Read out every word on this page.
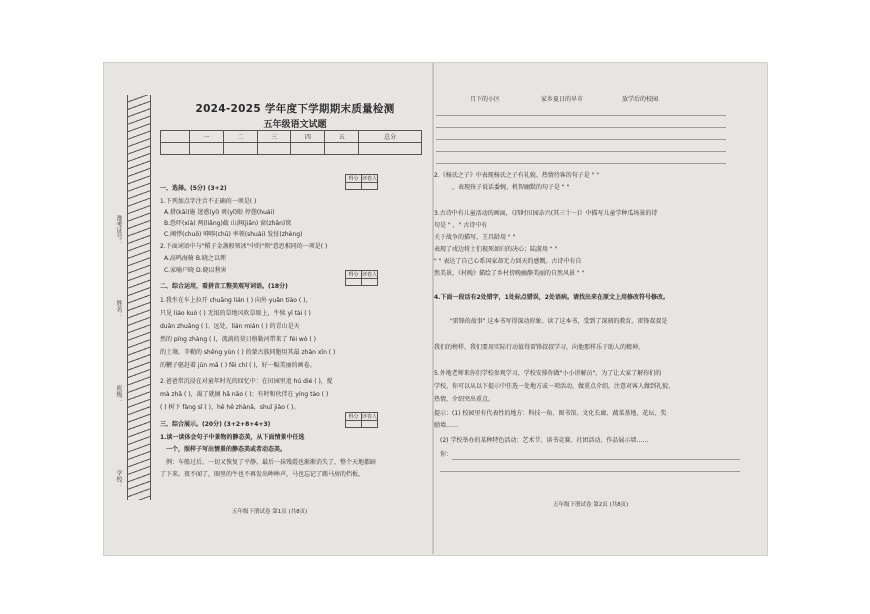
准考证号：
姓名：
班级：
学校：
2024-2025 学年度下学期期末质量检测
五年级语文试题
	一	二	三	四	五	总分

得分	评卷人

得分	评卷人

得分	评卷人

一、选择。(5分) (3+2)
1.下列加点字注音不正确的一项是( )
A.措(kāi)施 迷惑(yí) 爽(yī)眼 停憩(huái)
B.恐吓(xià) 两(liǎng)截 山涧(jiān) 窗(zhān)窝
C.阐悸(chuō) 呻嚀(chū) 率领(shuài) 发怔(zhèng)
2.下面词语中与"稻子金盏般领冰"中的"领"意思相同的一项是( )
A.高鸣海骑 B.晓之以理
C.家喻户晓 D.晓以利害
二、综合运用，看拼音工整美观写词语。(18分)
1.我坐在车上拉开 chuāng lián ( ) 向外 yuǎn tiào ( )，
只见 liáo kuò ( ) 无垠的草地风吹草原上，牛犊 yī tài ( )
duān zhuāng ( )。远处，lián mián ( ) 的青山是天
然的 píng zhàng ( )，流淌的莫日格勒河带来了 féi wò ( )
的土壤。辛勤的 shēng yùn ( ) 的蒙古族同胞用其最 zhǎn xīn ( )
的鞭子驱赶着 jūn mǎ ( ) fēi chí ( )，好一幅美丽的画卷。
2.爸爸常沉浸在对童年时光的回忆中：在田园里追 hú dié ( )，捉
mà zhā ( )，渴了就摘 hā nǎo ( )；有时和伙伴在 yíng tào ( )
( ) 树下 fàng sī ( )，hē hē zhànǎ，shuǐ jiǎo ( )。
三、综合展示。(20分) (3+2+8+4+3)
1.读一读体会句子中景物的静态美，从下面情景中任选
一个，照样子写出情景的静态美或者动态美。
例：车船过后，一切又恢复了平静。最后一抹残霞也渐渐消失了，整个天地都暗
了下来。夜不闻了，圈里的牛也不再发出哞哞声，马也忘记了踢马房的挡板，
五年级下册试卷 第1页 (共8页)
月下的小区	家乡夏日的早市	放学后的校园
2.《杨氏之子》中表现杨氏之子有礼貌、热情待客的句子是 " "
，表现孩子说话委婉、机智幽默的句子是 " "
3.古诗中有儿童活动的画面，《四时田园杂兴(其三十一)》中描写儿童学种瓜场景的诗
句是 " ，" 古诗中有
关于战争的描写，王昌龄用 " "
表现了戍边将士们视死如归的决心；陆游用 " "
" " 表达了自己心系国家却无力回天的感慨。古诗中有自
然美景，《村晚》描绘了乡村傍晚幽静美丽的自然风景 " "
4.下面一段话有2处错字，1处标点错误，2处语病。请找出来在原文上用修改符号修改。
"雷锋的故事" 这本书写得深动形象。读了这本书，受到了深刻的教育。雷锋叔叔是
我们的榜样，我们要用实际行动值得雷锋叔叔学习，向他那样乐于助人的精神。
5.外地老师来你们学校参观学习，学校安排你做"小小讲解员"。为了让大家了解你们的
学校，你可以从以下提示中任选一处地方或一项活动，做重点介绍，注意对客人做到礼貌、
热情，介绍突出重点。
提示：(1) 校园里有代表性的地方：科技一角、图书馆、文化长廊、蔬菜基地、花坛、奖
励墙……
(2) 学校举办的某种特色活动：艺术节、读书竞赛、社团活动、作品展示墙……
你：
五年级下册试卷 第2页 (共8页)
